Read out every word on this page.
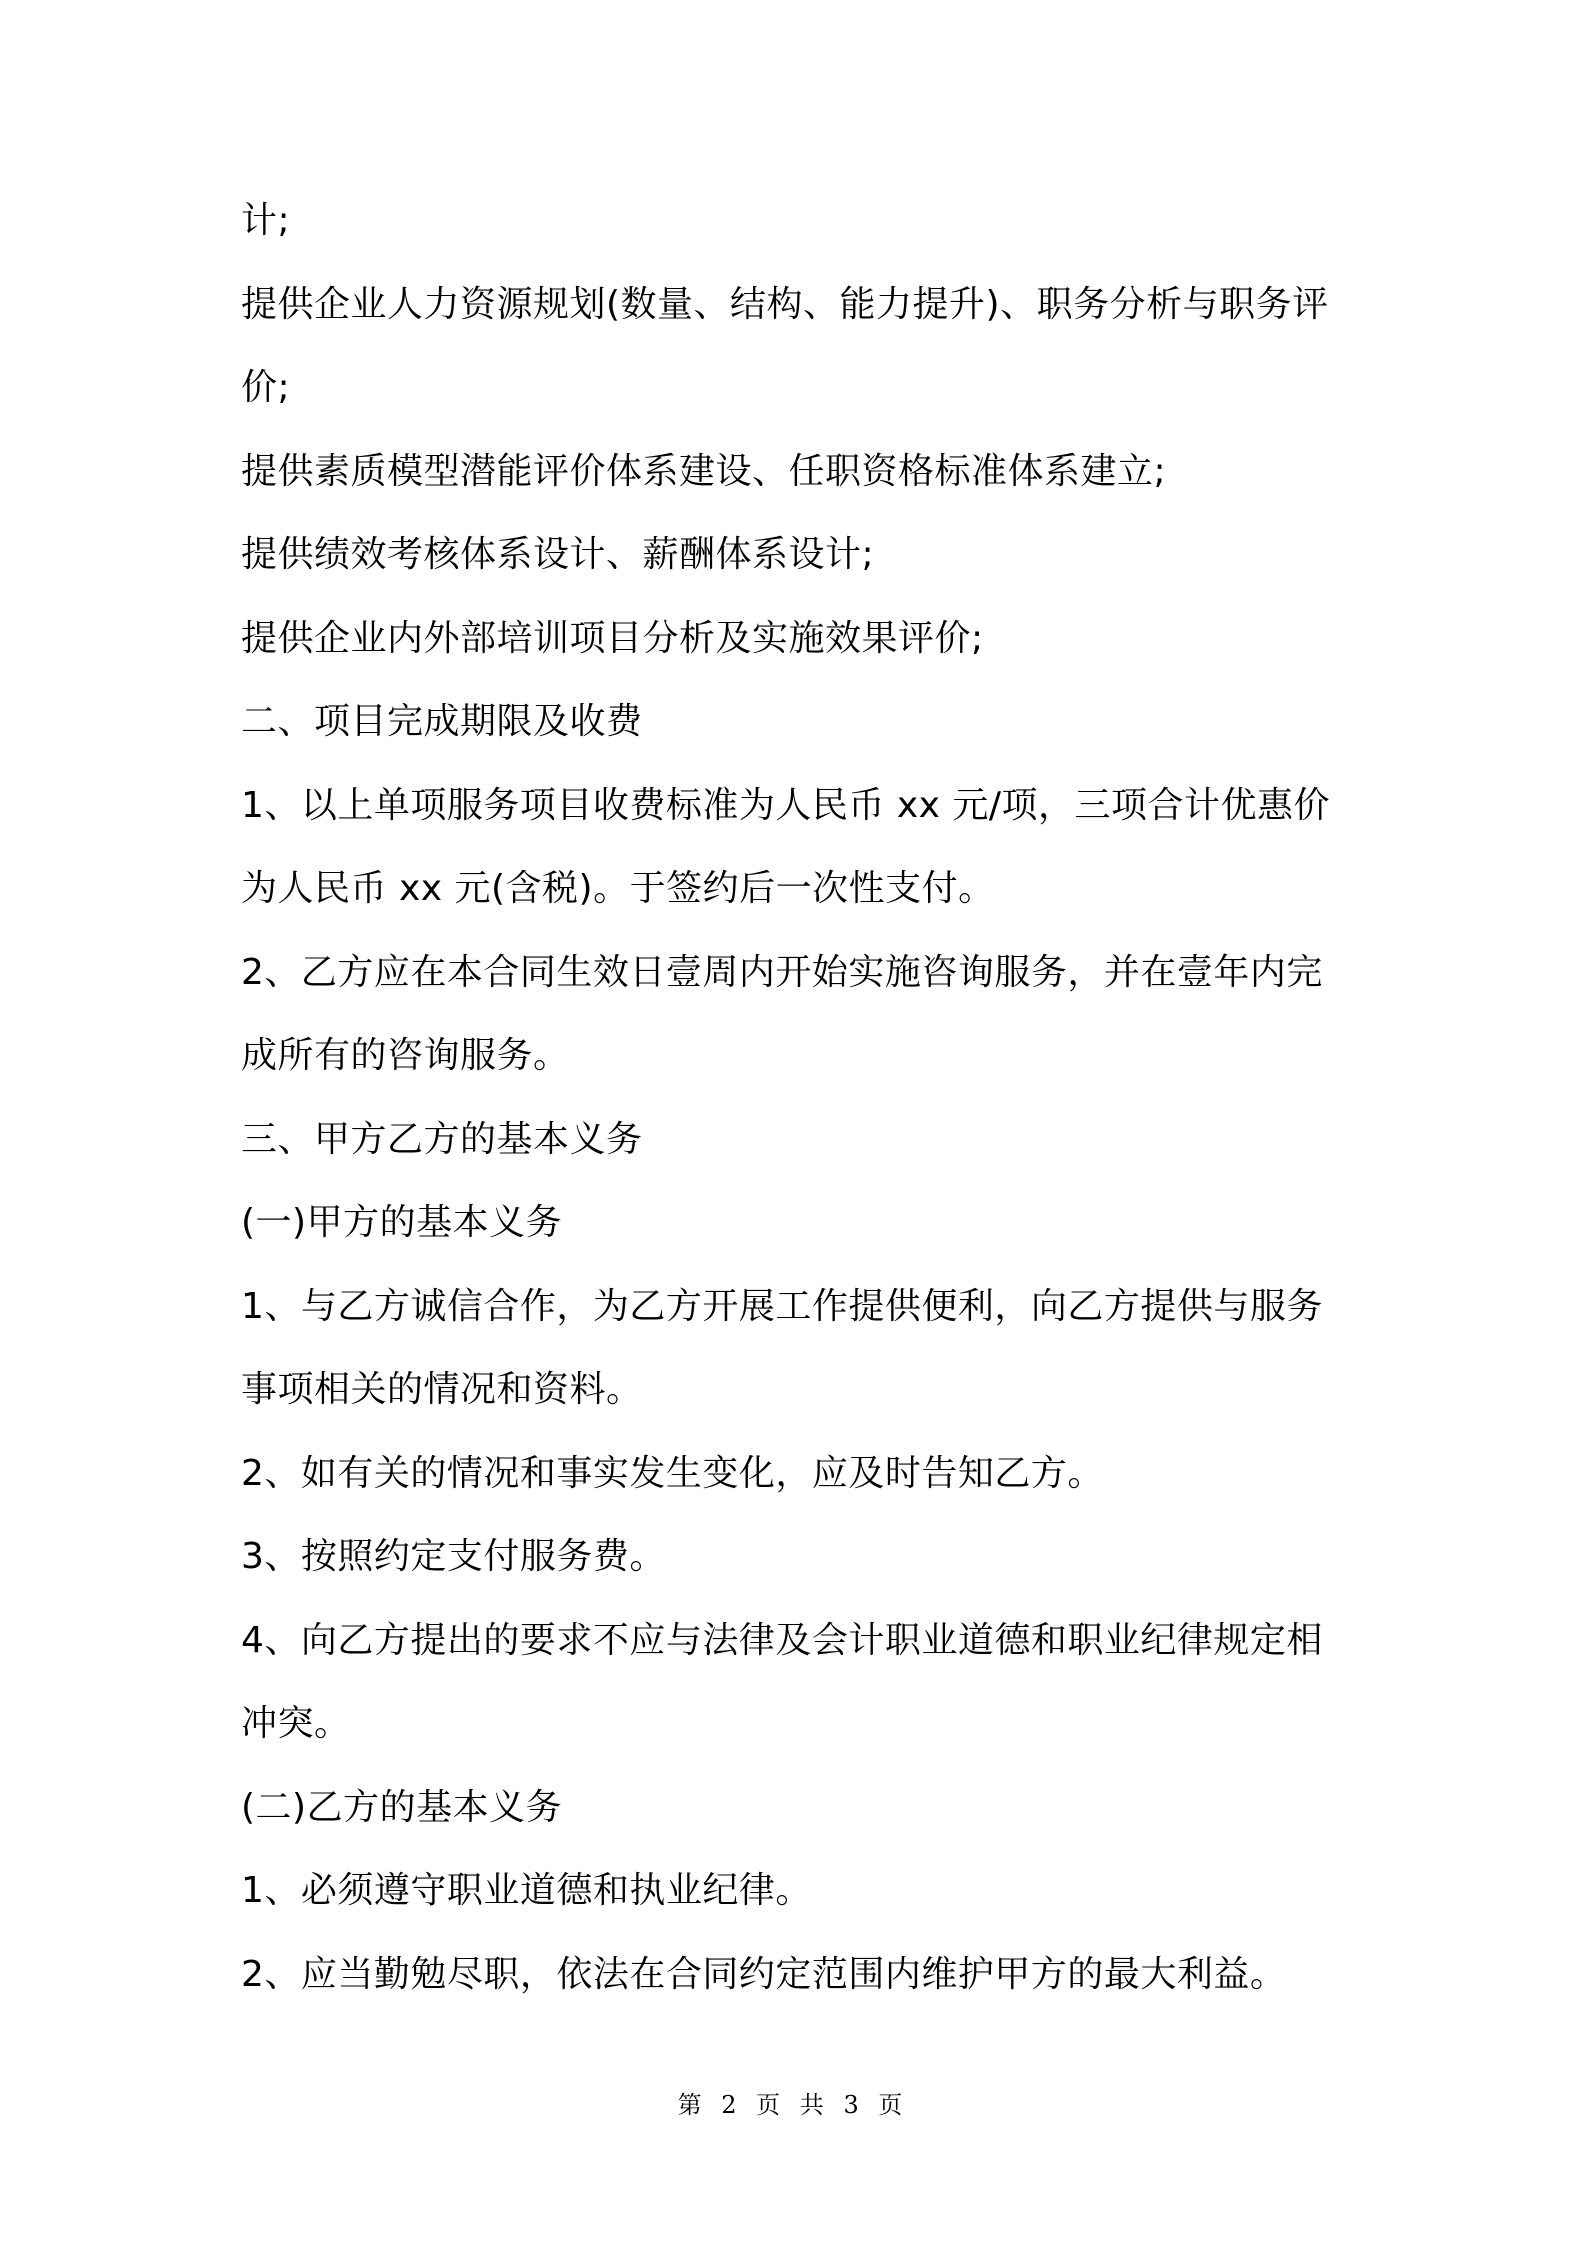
计;
提供企业人力资源规划(数量、结构、能力提升)、职务分析与职务评
价;
提供素质模型潜能评价体系建设、任职资格标准体系建立;
提供绩效考核体系设计、薪酬体系设计;
提供企业内外部培训项目分析及实施效果评价;
二、项目完成期限及收费
1、以上单项服务项目收费标准为人民币 xx 元/项，三项合计优惠价
为人民币 xx 元(含税)。于签约后一次性支付。
2、乙方应在本合同生效日壹周内开始实施咨询服务，并在壹年内完
成所有的咨询服务。
三、甲方乙方的基本义务
(一)甲方的基本义务
1、与乙方诚信合作，为乙方开展工作提供便利，向乙方提供与服务
事项相关的情况和资料。
2、如有关的情况和事实发生变化，应及时告知乙方。
3、按照约定支付服务费。
4、向乙方提出的要求不应与法律及会计职业道德和职业纪律规定相
冲突。
(二)乙方的基本义务
1、必须遵守职业道德和执业纪律。
2、应当勤勉尽职，依法在合同约定范围内维护甲方的最大利益。
第 2 页 共 3 页
